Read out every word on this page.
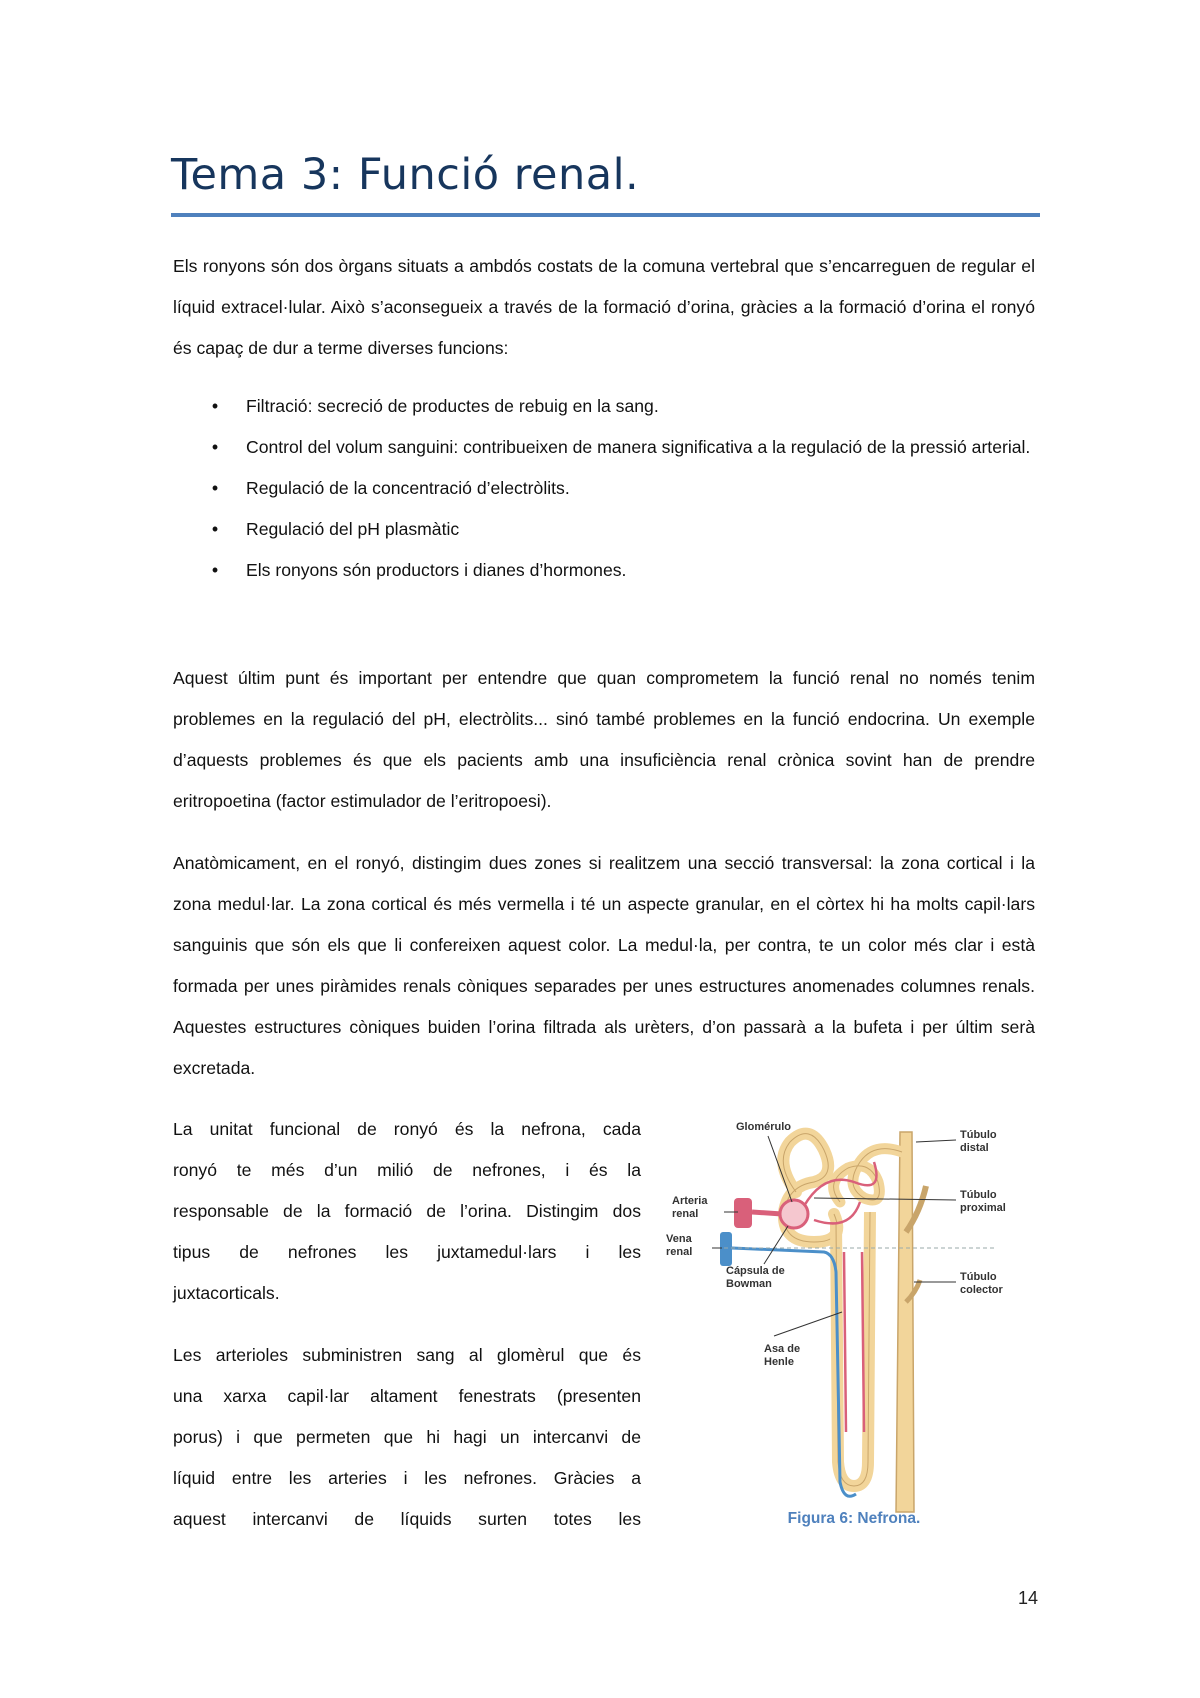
Tema 3: Funció renal.

Els ronyons són dos òrgans situats a ambdós costats de la comuna vertebral que s’encarreguen de regular el líquid extracel·lular. Això s’aconsegueix a través de la formació d’orina, gràcies a la formació d’orina el ronyó és capaç de dur a terme diverses funcions:

•	Filtració: secreció de productes de rebuig en la sang.
•	Control del volum sanguini: contribueixen de manera significativa a la regulació de la pressió arterial.
•	Regulació de la concentració d’electròlits.
•	Regulació del pH plasmàtic
•	Els ronyons són productors i dianes d’hormones.

Aquest últim punt és important per entendre que quan comprometem la funció renal no només tenim problemes en la regulació del pH, electròlits... sinó també problemes en la funció endocrina. Un exemple d’aquests problemes és que els pacients amb una insuficiència renal crònica sovint han de prendre eritropoetina (factor estimulador de l’eritropoesi).

Anatòmicament, en el ronyó, distingim dues zones si realitzem una secció transversal: la zona cortical i la zona medul·lar. La zona cortical és més vermella i té un aspecte granular, en el còrtex hi ha molts capil·lars sanguinis que són els que li confereixen aquest color. La medul·la, per contra, te un color més clar i està formada per unes piràmides renals còniques separades per unes estructures anomenades columnes renals. Aquestes estructures còniques buiden l’orina filtrada als urèters, d’on passarà a la bufeta i per últim serà excretada.

La unitat funcional de ronyó és la nefrona, cada
ronyó te més d’un milió de nefrones, i és la
responsable de la formació de l’orina. Distingim dos
tipus de nefrones les juxtamedul·lars i les
juxtacorticals.
Les arterioles subministren sang al glomèrul que és
una xarxa capil·lar altament fenestrats (presenten
porus) i que permeten que hi hagi un intercanvi de
líquid entre les arteries i les nefrones. Gràcies a
aquest intercanvi de líquids surten totes les
Glomérulo
Arteria
renal
Vena
renal
Cápsula de
Bowman
Asa de
Henle
Túbulo
distal
Túbulo
proximal
Túbulo
colector

Figura 6: Nefrona.

14
